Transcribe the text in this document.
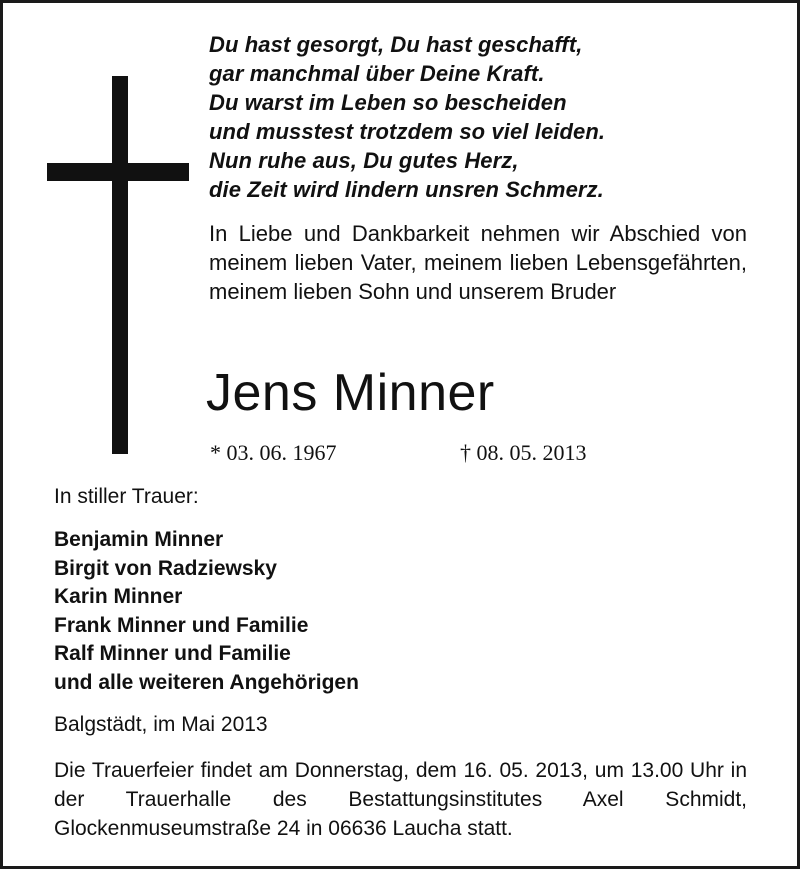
Du hast gesorgt, Du hast geschafft,
gar manchmal über Deine Kraft.
Du warst im Leben so bescheiden
und musstest trotzdem so viel leiden.
Nun ruhe aus, Du gutes Herz,
die Zeit wird lindern unsren Schmerz.
In Liebe und Dankbarkeit nehmen wir Abschied von meinem lieben Vater, meinem lieben Lebensgefährten, meinem lieben Sohn und unserem Bruder
Jens Minner
* 03. 06. 1967	† 08. 05. 2013
In stiller Trauer:
Benjamin Minner
Birgit von Radziewsky
Karin Minner
Frank Minner und Familie
Ralf Minner und Familie
und alle weiteren Angehörigen
Balgstädt, im Mai 2013
Die Trauerfeier findet am Donnerstag, dem 16. 05. 2013, um 13.00 Uhr in der Trauerhalle des Bestattungsinstitutes Axel Schmidt, Glockenmuseumstraße 24 in 06636 Laucha statt.
